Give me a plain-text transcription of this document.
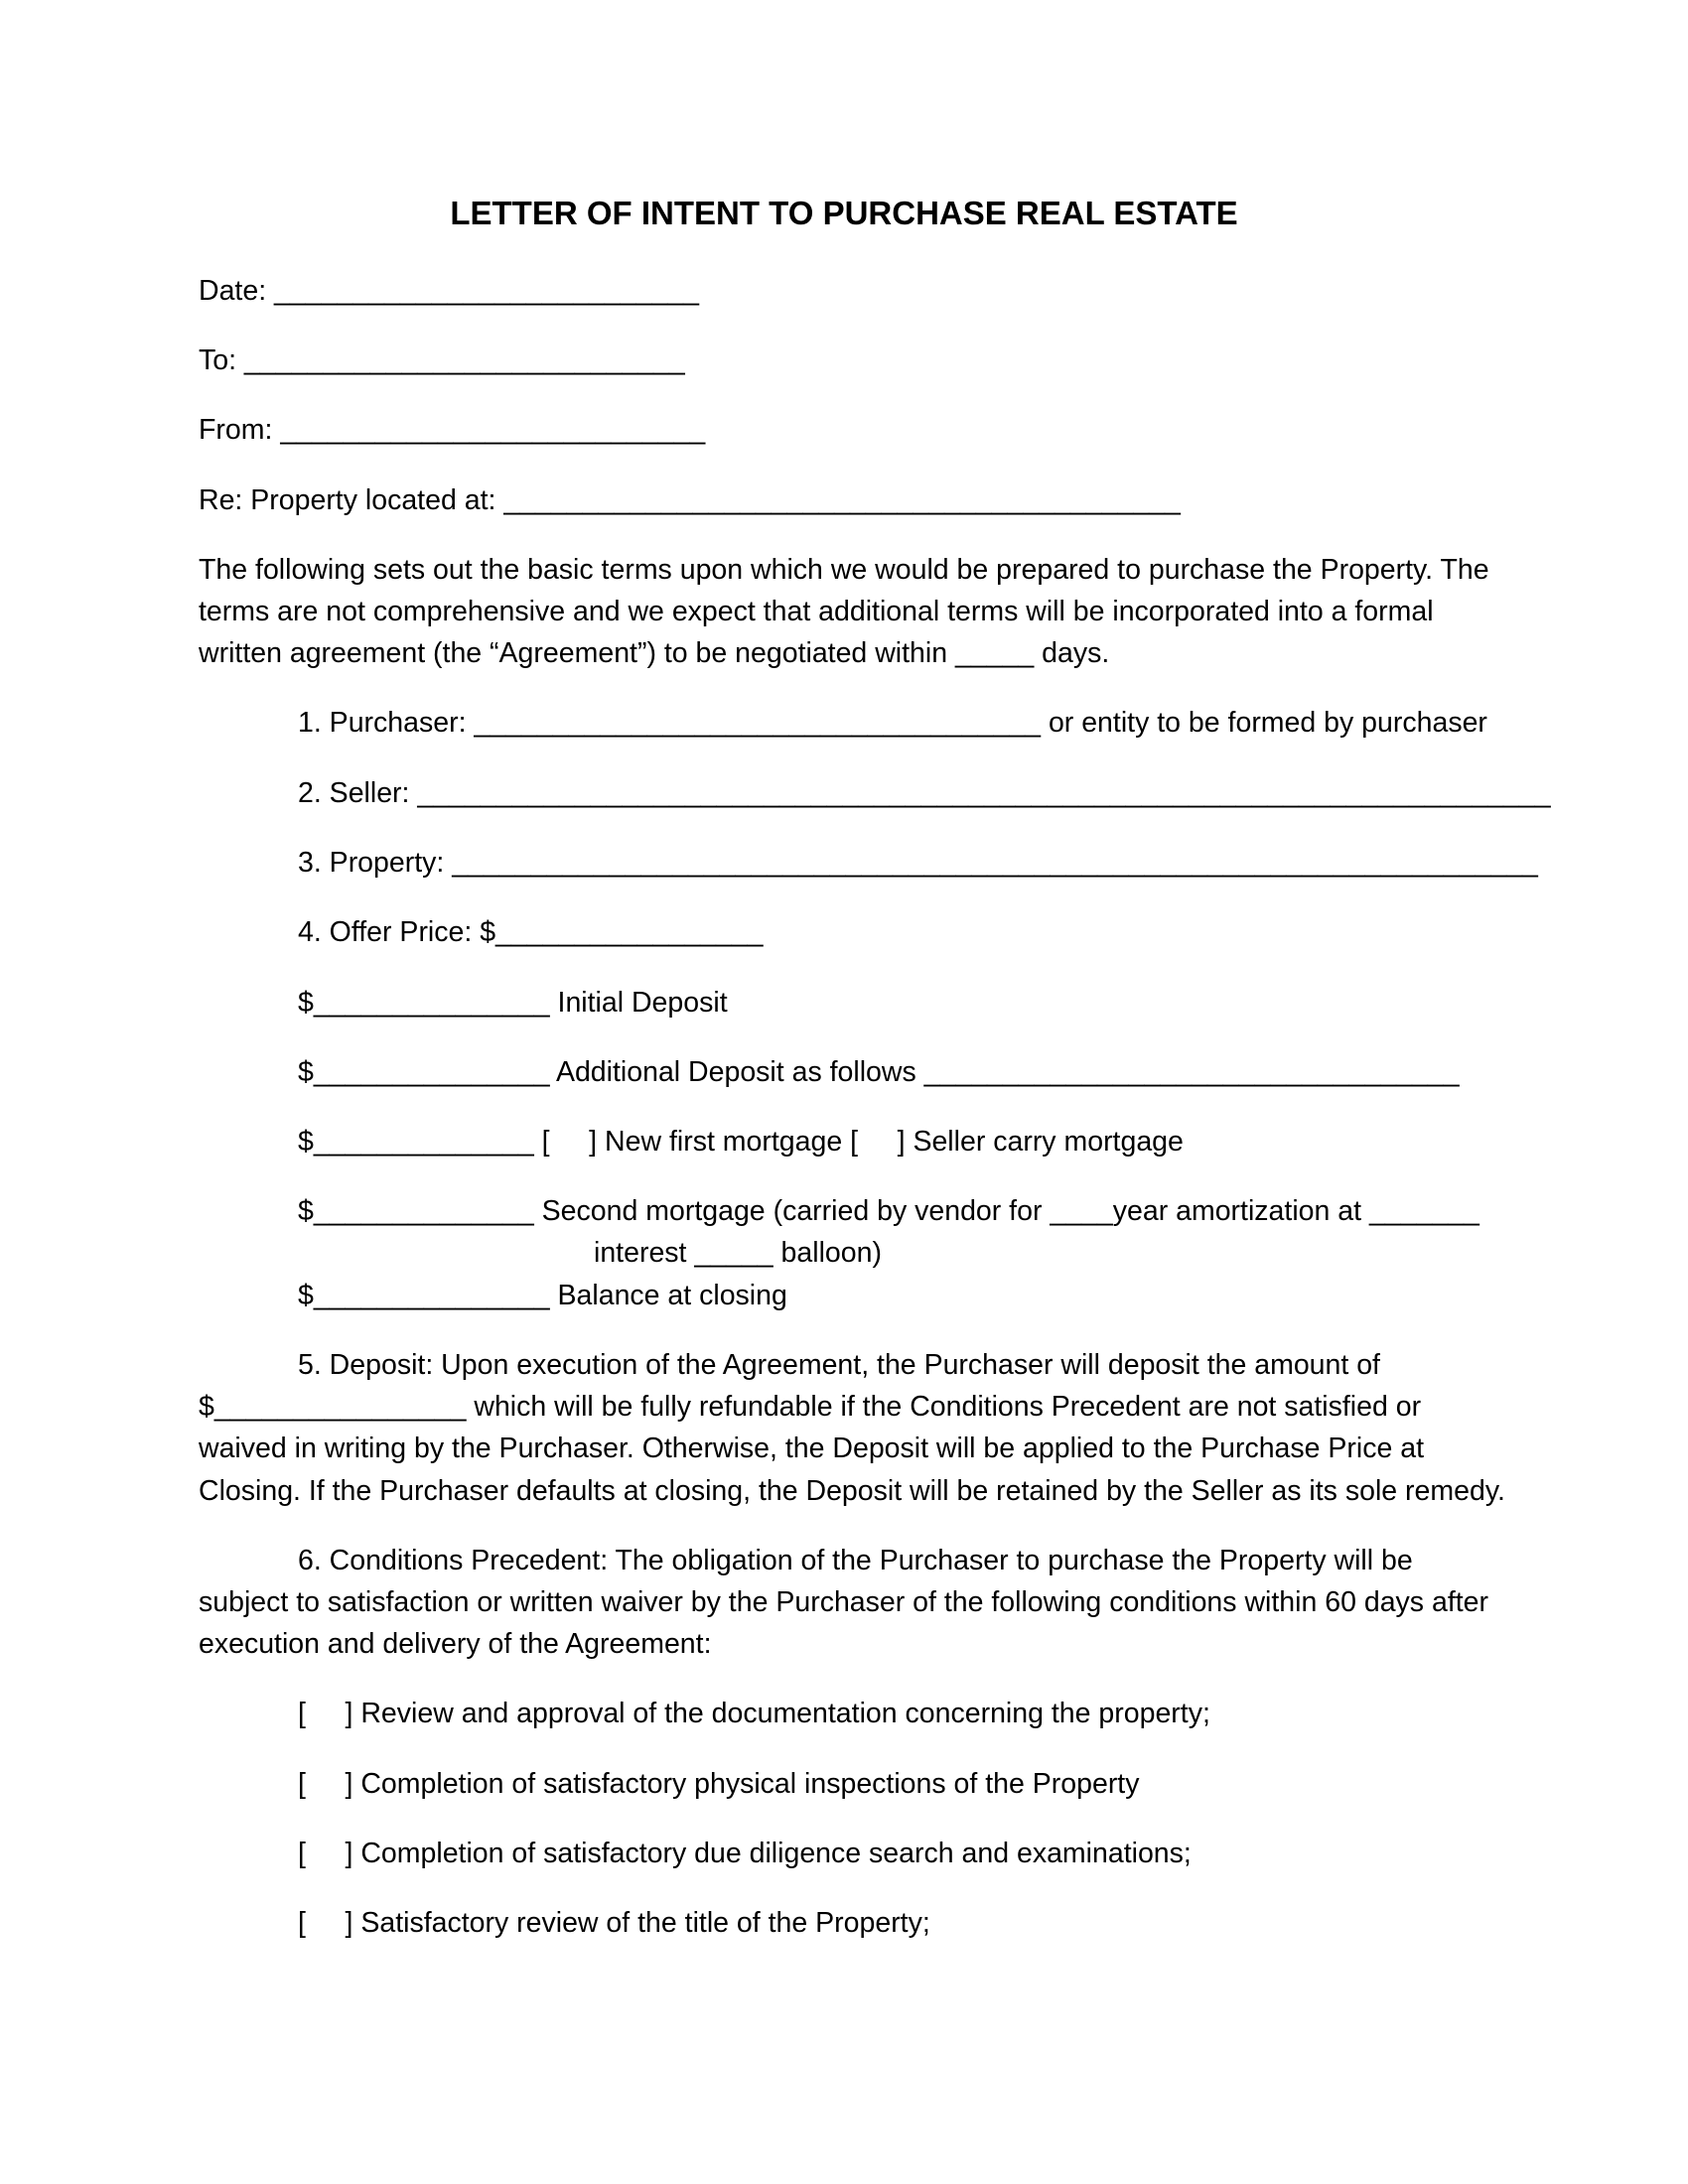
LETTER OF INTENT TO PURCHASE REAL ESTATE

Date: ___________________________

To: ____________________________

From: ___________________________

Re: Property located at: ___________________________________________

The following sets out the basic terms upon which we would be prepared to purchase the Property. The

terms are not comprehensive and we expect that additional terms will be incorporated into a formal

written agreement (the “Agreement”) to be negotiated within _____ days.

1. Purchaser: ____________________________________ or entity to be formed by purchaser

2. Seller: ________________________________________________________________________

3. Property: _____________________________________________________________________

4. Offer Price: $_________________

$_______________ Initial Deposit

$_______________ Additional Deposit as follows __________________________________

$______________ [     ] New first mortgage [     ] Seller carry mortgage

$______________ Second mortgage (carried by vendor for ____year amortization at _______

interest _____ balloon)

$_______________ Balance at closing

5. Deposit: Upon execution of the Agreement, the Purchaser will deposit the amount of

$________________ which will be fully refundable if the Conditions Precedent are not satisfied or

waived in writing by the Purchaser. Otherwise, the Deposit will be applied to the Purchase Price at

Closing. If the Purchaser defaults at closing, the Deposit will be retained by the Seller as its sole remedy.

6. Conditions Precedent: The obligation of the Purchaser to purchase the Property will be

subject to satisfaction or written waiver by the Purchaser of the following conditions within 60 days after

execution and delivery of the Agreement:

[     ] Review and approval of the documentation concerning the property;

[     ] Completion of satisfactory physical inspections of the Property

[     ] Completion of satisfactory due diligence search and examinations;

[     ] Satisfactory review of the title of the Property;
